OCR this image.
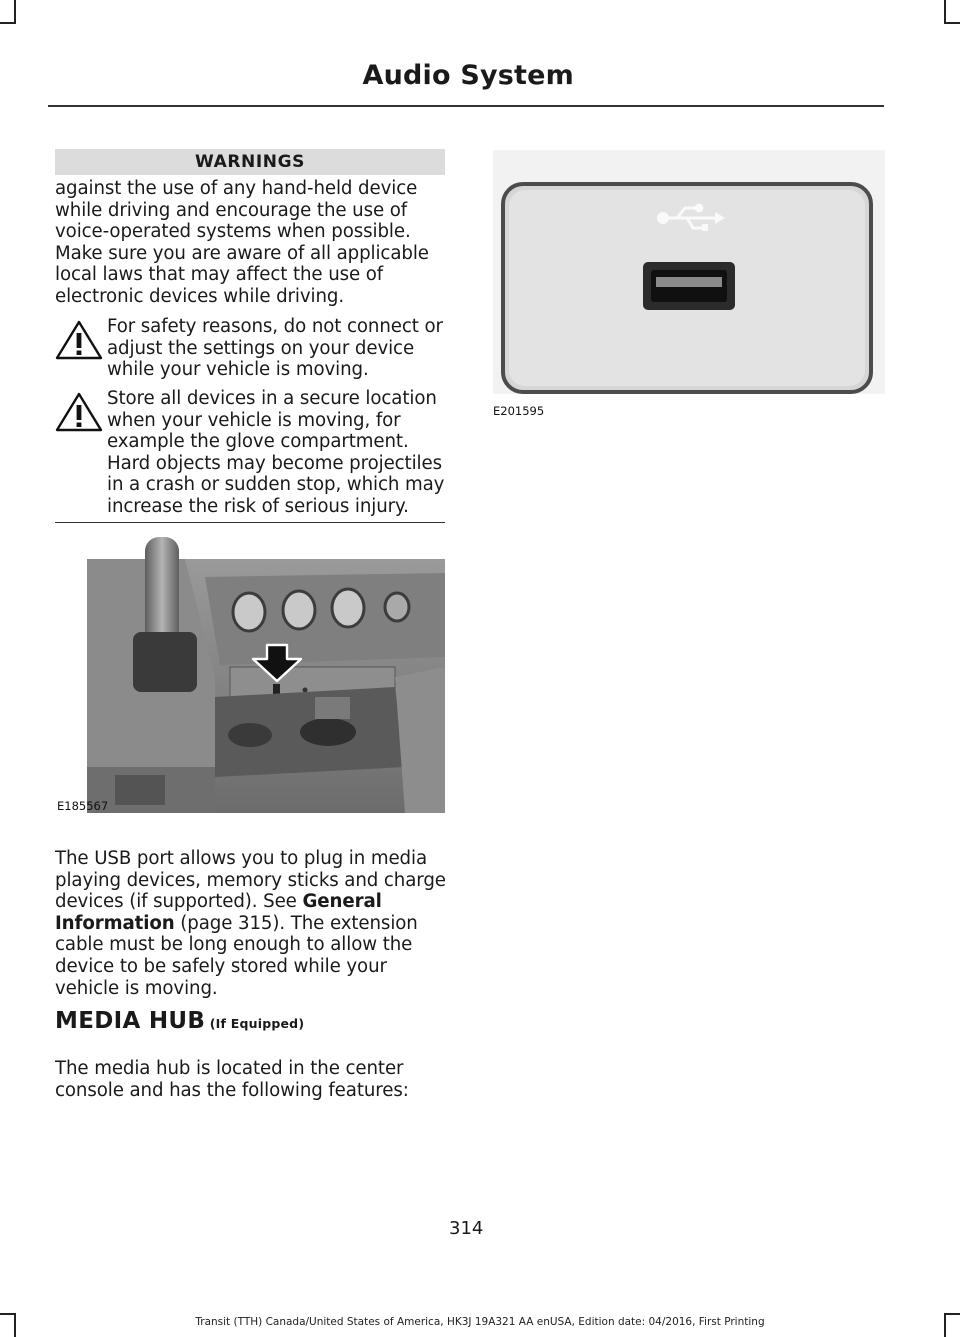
Audio System
WARNINGS

against the use of any hand-held device while driving and encourage the use of voice-operated systems when possible. Make sure you are aware of all applicable local laws that may affect the use of electronic devices while driving.

For safety reasons, do not connect or adjust the settings on your device while your vehicle is moving.

Store all devices in a secure location when your vehicle is moving, for example the glove compartment. Hard objects may become projectiles in a crash or sudden stop, which may increase the risk of serious injury.

E185567

The USB port allows you to plug in media playing devices, memory sticks and charge devices (if supported). See General Information (page 315). The extension cable must be long enough to allow the device to be safely stored while your vehicle is moving.

MEDIA HUB (If Equipped)

The media hub is located in the center console and has the following features:

E201595
314
Transit (TTH) Canada/United States of America, HK3J 19A321 AA enUSA, Edition date: 04/2016, First Printing
